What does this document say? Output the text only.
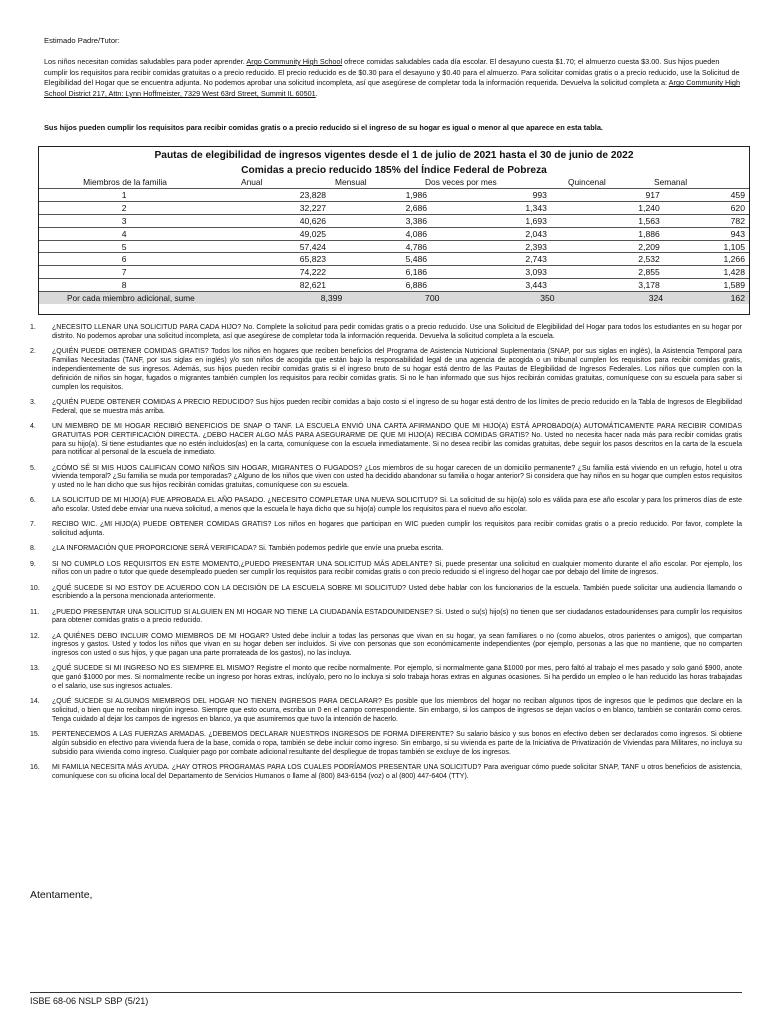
Estimado Padre/Tutor:
Los niños necesitan comidas saludables para poder aprender. Argo Community High School ofrece comidas saludables cada día escolar. El desayuno cuesta $1.70; el almuerzo cuesta $3.00. Sus hijos pueden cumplir los requisitos para recibir comidas gratuitas o a precio reducido. El precio reducido es de $0.30 para el desayuno y $0.40 para el almuerzo. Para solicitar comidas gratis o a precio reducido, use la Solicitud de Elegibilidad del Hogar que se encuentra adjunta. No podemos aprobar una solicitud incompleta, así que asegúrese de completar toda la información requerida. Devuelva la solicitud completa a: Argo Community High School District 217, Attn: Lynn Hoffmeister, 7329 West 63rd Street, Summit IL 60501.
Sus hijos pueden cumplir los requisitos para recibir comidas gratis o a precio reducido si el ingreso de su hogar es igual o menor al que aparece en esta tabla.
Pautas de elegibilidad de ingresos vigentes desde el 1 de julio de 2021 hasta el 30 de junio de 2022
Comidas a precio reducido 185% del Índice Federal de Pobreza
Miembros de la familia	Anual	Mensual	Dos veces por mes	Quincenal	Semanal
1	23,828	1,986	993	917	459
2	32,227	2,686	1,343	1,240	620
3	40,626	3,386	1,693	1,563	782
4	49,025	4,086	2,043	1,886	943
5	57,424	4,786	2,393	2,209	1,105
6	65,823	5,486	2,743	2,532	1,266
7	74,222	6,186	3,093	2,855	1,428
8	82,621	6,886	3,443	3,178	1,589
Por cada miembro adicional, sume	8,399	700	350	324	162
1.	¿NECESITO LLENAR UNA SOLICITUD PARA CADA HIJO? No. Complete la solicitud para pedir comidas gratis o a precio reducido. Use una Solicitud de Elegibilidad del Hogar para todos los estudiantes en su hogar por distrito. No podemos aprobar una solicitud incompleta, así que asegúrese de completar toda la información requerida. Devuelva la solicitud completa a la escuela.
2.	¿QUIÉN PUEDE OBTENER COMIDAS GRATIS? Todos los niños en hogares que reciben beneficios del Programa de Asistencia Nutricional Suplementaria (SNAP, por sus siglas en inglés), la Asistencia Temporal para Familias Necesitadas (TANF, por sus siglas en inglés) y/o son niños de acogida que están bajo la responsabilidad legal de una agencia de acogida o un tribunal cumplen los requisitos para recibir comidas gratis, independientemente de sus ingresos. Además, sus hijos pueden recibir comidas gratis si el ingreso bruto de su hogar está dentro de las Pautas de Elegibilidad de Ingresos Federales. Los niños que cumplen con la definición de niños sin hogar, fugados o migrantes también cumplen los requisitos para recibir comidas gratis. Si no le han informado que sus hijos recibirán comidas gratuitas, comuníquese con su escuela para saber si cumplen los requisitos.
3.	¿QUIÉN PUEDE OBTENER COMIDAS A PRECIO REDUCIDO? Sus hijos pueden recibir comidas a bajo costo si el ingreso de su hogar está dentro de los límites de precio reducido en la Tabla de Ingresos de Elegibilidad Federal, que se muestra más arriba.
4.	UN MIEMBRO DE MI HOGAR RECIBIÓ BENEFICIOS DE SNAP O TANF. LA ESCUELA ENVIÓ UNA CARTA AFIRMANDO QUE MI HIJO(A) ESTÁ APROBADO(A) AUTOMÁTICAMENTE PARA RECIBIR COMIDAS GRATUITAS POR CERTIFICACIÓN DIRECTA. ¿DEBO HACER ALGO MÁS PARA ASEGURARME DE QUE MI HIJO(A) RECIBA COMIDAS GRATIS? No. Usted no necesita hacer nada más para recibir comidas gratis para su hijo(a). Si tiene estudiantes que no estén incluidos(as) en la carta, comuníquese con la escuela inmediatamente. Si no desea recibir las comidas gratuitas, debe seguir los pasos descritos en la carta de la escuela para notificar al personal de la escuela de inmediato.
5.	¿CÓMO SÉ SI MIS HIJOS CALIFICAN COMO NIÑOS SIN HOGAR, MIGRANTES O FUGADOS? ¿Los miembros de su hogar carecen de un domicilio permanente? ¿Su familia está viviendo en un refugio, hotel u otra vivienda temporal? ¿Su familia se muda por temporadas? ¿Alguno de los niños que viven con usted ha decidido abandonar su familia o hogar anterior? Si considera que hay niños en su hogar que cumplen estos requisitos y usted no le han dicho que sus hijos recibirán comidas gratuitas, comuníquese con su escuela.
6.	LA SOLICITUD DE MI HIJO(A) FUE APROBADA EL AÑO PASADO. ¿NECESITO COMPLETAR UNA NUEVA SOLICITUD? Si. La solicitud de su hijo(a) solo es válida para ese año escolar y para los primeros días de este año escolar. Usted debe enviar una nueva solicitud, a menos que la escuela le haya dicho que su hijo(a) cumple los requisitos para el nuevo año escolar.
7.	RECIBO WIC. ¿MI HIJO(A) PUEDE OBTENER COMIDAS GRATIS? Los niños en hogares que participan en WIC pueden cumplir los requisitos para recibir comidas gratis o a precio reducido. Por favor, complete la solicitud adjunta.
8.	¿LA INFORMACIÓN QUE PROPORCIONE SERÁ VERIFICADA? Si. También podemos pedirle que envíe una prueba escrita.
9.	SI NO CUMPLO LOS REQUISITOS EN ESTE MOMENTO,¿PUEDO PRESENTAR UNA SOLICITUD MÁS ADELANTE? Si, puede presentar una solicitud en cualquier momento durante el año escolar. Por ejemplo, los niños con un padre o tutor que quede desempleado pueden ser cumplir los requisitos para recibir comidas gratis o con precio reducido si el ingreso del hogar cae por debajo del límite de ingresos.
10.	¿QUÉ SUCEDE SI NO ESTOY DE ACUERDO CON LA DECISIÓN DE LA ESCUELA SOBRE MI SOLICITUD? Usted debe hablar con los funcionarios de la escuela. También puede solicitar una audiencia llamando o escribiendo a la persona mencionada anteriormente.
11.	¿PUEDO PRESENTAR UNA SOLICITUD SI ALGUIEN EN MI HOGAR NO TIENE LA CIUDADANÍA ESTADOUNIDENSE? Si. Usted o su(s) hijo(s) no tienen que ser ciudadanos estadounidenses para cumplir los requisitos para obtener comidas gratis o a precio reducido.
12.	¿A QUIÉNES DEBO INCLUIR COMO MIEMBROS DE MI HOGAR? Usted debe incluir a todas las personas que vivan en su hogar, ya sean familiares o no (como abuelos, otros parientes o amigos), que compartan ingresos y gastos. Usted y todos los niños que vivan en su hogar deben ser incluidos. Si vive con personas que son económicamente independientes (por ejemplo, personas a las que no mantiene, que no comparten ingresos con usted o sus hijos, y que pagan una parte prorrateada de los gastos), no las incluya.
13.	¿QUÉ SUCEDE SI MI INGRESO NO ES SIEMPRE EL MISMO? Registre el monto que recibe normalmente. Por ejemplo, si normalmente gana $1000 por mes, pero faltó al trabajo el mes pasado y solo ganó $900, anote que ganó $1000 por mes. Si normalmente recibe un ingreso por horas extras, inclúyalo, pero no lo incluya si solo trabaja horas extras en algunas ocasiones. Si ha perdido un empleo o le han reducido las horas trabajadas o el salario, use sus ingresos actuales.
14.	¿QUÉ SUCEDE SI ALGUNOS MIEMBROS DEL HOGAR NO TIENEN INGRESOS PARA DECLARAR? Es posible que los miembros del hogar no reciban algunos tipos de ingresos que le pedimos que declare en la solicitud, o bien que no reciban ningún ingreso. Siempre que esto ocurra, escriba un 0 en el campo correspondiente. Sin embargo, si los campos de ingresos se dejan vacíos o en blanco, también se contarán como ceros. Tenga cuidado al dejar los campos de ingresos en blanco, ya que asumiremos que tuvo la intención de hacerlo.
15.	PERTENECEMOS A LAS FUERZAS ARMADAS. ¿DEBEMOS DECLARAR NUESTROS INGRESOS DE FORMA DIFERENTE? Su salario básico y sus bonos en efectivo deben ser declarados como ingresos. Si obtiene algún subsidio en efectivo para vivienda fuera de la base, comida o ropa, también se debe incluir como ingreso. Sin embargo, si su vivienda es parte de la Iniciativa de Privatización de Viviendas para Militares, no incluya su subsidio para vivienda como ingreso. Cualquier pago por combate adicional resultante del despliegue de tropas también se excluye de los ingresos.
16.	MI FAMILIA NECESITA MÁS AYUDA. ¿HAY OTROS PROGRAMAS PARA LOS CUALES PODRÍAMOS PRESENTAR UNA SOLICITUD? Para averiguar cómo puede solicitar SNAP, TANF u otros beneficios de asistencia, comuníquese con su oficina local del Departamento de Servicios Humanos o llame al (800) 843-6154 (voz) o al (800) 447-6404 (TTY).
Atentamente,
ISBE 68-06 NSLP SBP (5/21)
